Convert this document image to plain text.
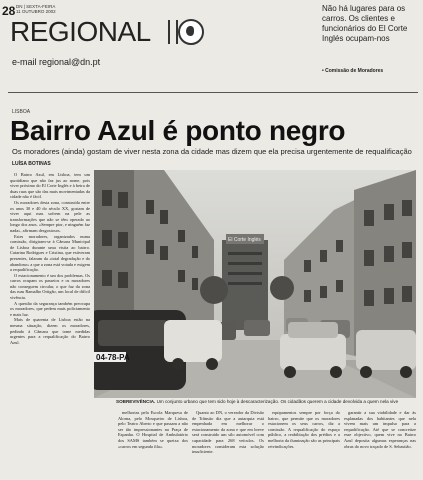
28 DN | SEXTA-FEIRA
11 OUTUBRO 2002
REGIONAL
e-mail regional@dn.pt
Não há lugares para os carros. Os clientes e funcionários do El Corte Inglés ocupam-nos
• Comissão de Moradores
LISBOA
Bairro Azul é ponto negro
Os moradores (ainda) gostam de viver nesta zona da cidade mas dizem que ela precisa urgentemente de requalificação
LUÍSA BOTINAS

O Bairro Azul, em Lisboa, tem um quotidiano que não faz jus ao nome, pois viver próximo do El Corte Inglés e à beira de duas ruas que são das mais movimentadas da cidade não é fácil.

Os moradores desta zona, construída entre os anos 30 e 40 do século XX, gostam de viver aqui mas sofrem na pele as transformações que não se têm operado ao longo dos anos. «Sempre pior, e ninguém faz nada», afirmam desgostosos.

Estes moradores, organizados numa comissão, dirigiram-se à Câmara Municipal de Lisboa durante uma visita ao bairro. Catarina Rodrigues e Cristina, que estiveram presentes, falaram da «total degradação e do abandono» a que a zona está votada e exigem a requalificação.

O estacionamento é um dos problemas. Os carros ocupam os passeios e os moradores não conseguem circular, o que faz da zona das ruas Ramalho Ortigão, um local de difícil vivência.

A questão da segurança também preocupa os moradores, que pedem mais policiamento e mais luz.

Mais de quarenta de Lisboa estão na mesma situação, dizem os moradores, pedindo à Câmara que tome medidas urgentes para a requalificação do Bairro Azul.

El Corte Inglés
04-78-PA
SOBREVIVÊNCIA. Um conjunto urbano que tem sido hoje à descaracterização. Os cidadãos querem a cidade devolvida a quem nela vive

melhorias pela Escola Marquesa de Alorna, pelo Mosqueiro de Lisboa, pelo Teatro Aberto e que passam a não ser tão impressionantes na Praça de Espanha. O Hospital de Ambulatório dos SAMS também se queixa dos «carros em segunda fila».

Quanto ao DN, o vereador da Divisão de Trânsito diz que a autarquia está empenhada em melhorar o estacionamento da zona e que em breve será construído um silo automóvel com capacidade para 268 veículos. Os moradores consideram esta solução insuficiente.

equipamentos sempre por força do bairro, que permite que os moradores estacionem os seus carros, diz a comissão. A requalificação do espaço público, a reabilitação dos prédios e a melhoria da iluminação são as principais reivindicações.

garantir a sua viabilidade e dar às esplanadas dos habitantes que nela vivem mais um impulso para a requalificação. Até que se concretize esse objectivo, quem vive no Bairro Azul deposita algumas esperanças nas obras do novo traçado de S. Sebastião.
